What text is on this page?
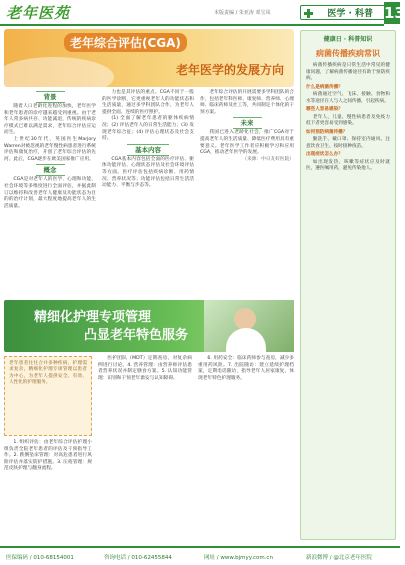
老年医苑	本版责编 / 朱亚涛 邓宝凤	医学 · 科普 13
老年综合评估(CGA)
老年医学的发展方向
背景

随着人口老龄化进程的加快，老年医学和老年患者的诊疗越来越受到重视。由于老年人常多病共存、功能减退，传统的疾病诊疗模式已难以满足需求，老年综合评估应运而生。

上世纪30年代，英国医生Marjory Warren对被忽视的老年慢性病患者进行系统评估和康复治疗，开创了老年综合评估的先河。此后，CGA逐步在欧美国家推广应用。

概念

CGA是对老年人的医学、心理和功能、社会环境等多维度进行全面评估，并据此制订以维持和改善老年人健康及功能状态为目的的治疗计划，最大程度地提高老年人的生活质量。

力也是其评估的重点。CGA不同于一般的医学诊断，它更重视老年人的功能状态和生活质量，通过多学科团队合作，为老年人提供全面、连续的医疗照护。

(1) 全面了解老年患者的躯体疾病情况；(2) 评估老年人的日常生活能力；(3) 发现老年综合征；(4) 评估心理状态及社会支持。

基本内容

CGA基本内容包括全面的医疗评估、躯体功能评估、心理状态评估及社会环境评估等方面。医疗评估包括疾病诊断、用药情况、营养状况等；功能评估包括日常生活活动能力、平衡与步态等。

老年综合评估的开展需要多学科团队的合作，包括老年科医师、康复师、营养师、心理师、临床药师及社工等，共同制定个体化的干预方案。

未来

我国已进入老龄化社会，推广CGA对于提高老年人的生活质量、降低医疗费用具有重要意义。老年医学工作者应积极学习和应用CGA，推动老年医学的发展。

（来源：中日友好医院）

健康日 · 科普知识
病菌传播疾病常识

病菌传播疾病是日常生活中常见的健康问题，了解病菌传播途径有助于预防疾病。

什么是病菌传播？

病菌通过空气、飞沫、接触、食物和水等途径在人与人之间传播，引起疾病。

哪些人容易感染？

老年人、儿童、慢性病患者及免疫力低下者更容易受到感染。

如何预防病菌传播？

勤洗手、戴口罩、保持室内通风、注意饮食卫生、按时接种疫苗。

出现症状怎么办？

如出现发热、咳嗽等症状应及时就医，遵医嘱用药，避免传染他人。

精细化护理专项管理
凸显老年特色服务
老年患者往往合并多种疾病，护理需求复杂，精细化护理专项管理以患者为中心，为老年人提供安全、有效、人性化的护理服务。

1. 组织评估：由老年综合评估护理小组负责全院老年患者的评估及干预指导工作。2. 跌倒坠床管理：对高危患者进行风险评估并落实防护措施。3. 压疮管理：规范皮肤护理与翻身流程。

医护团队（MDT）定期查房，对复杂病例进行讨论。4. 营养管理：由营养师评估患者营养状况并制定膳食方案。5. 认知功能管理：识别和干预老年谵妄与认知障碍。

6. 用药安全：临床药师参与查房，减少多重用药风险。7. 出院随访：建立延续护理档案，定期电话随访，指导老年人居家康复，体现老年特色护理服务。

医保编码 / 010-68154001	咨询电话 / 010-62455844	网址 / www.bjmyy.com.cn	新浪微博 / @北京老年医院
